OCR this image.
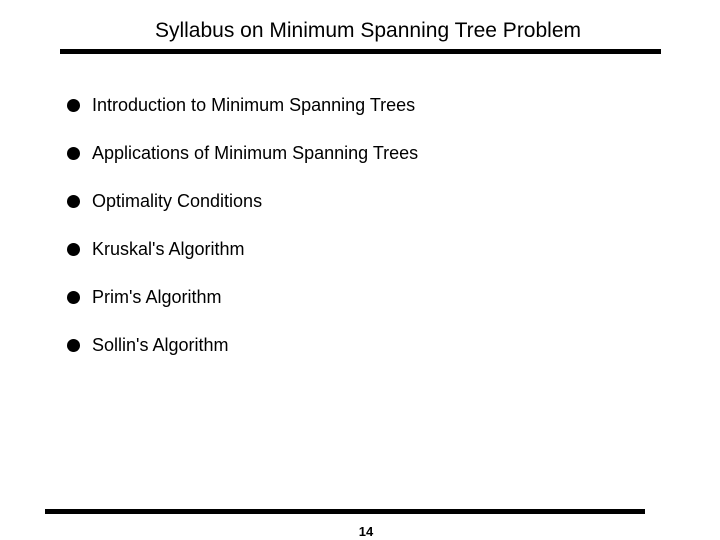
Syllabus on Minimum Spanning Tree Problem
Introduction to Minimum Spanning Trees
Applications of Minimum Spanning Trees
Optimality Conditions
Kruskal's Algorithm
Prim's Algorithm
Sollin's Algorithm
14
